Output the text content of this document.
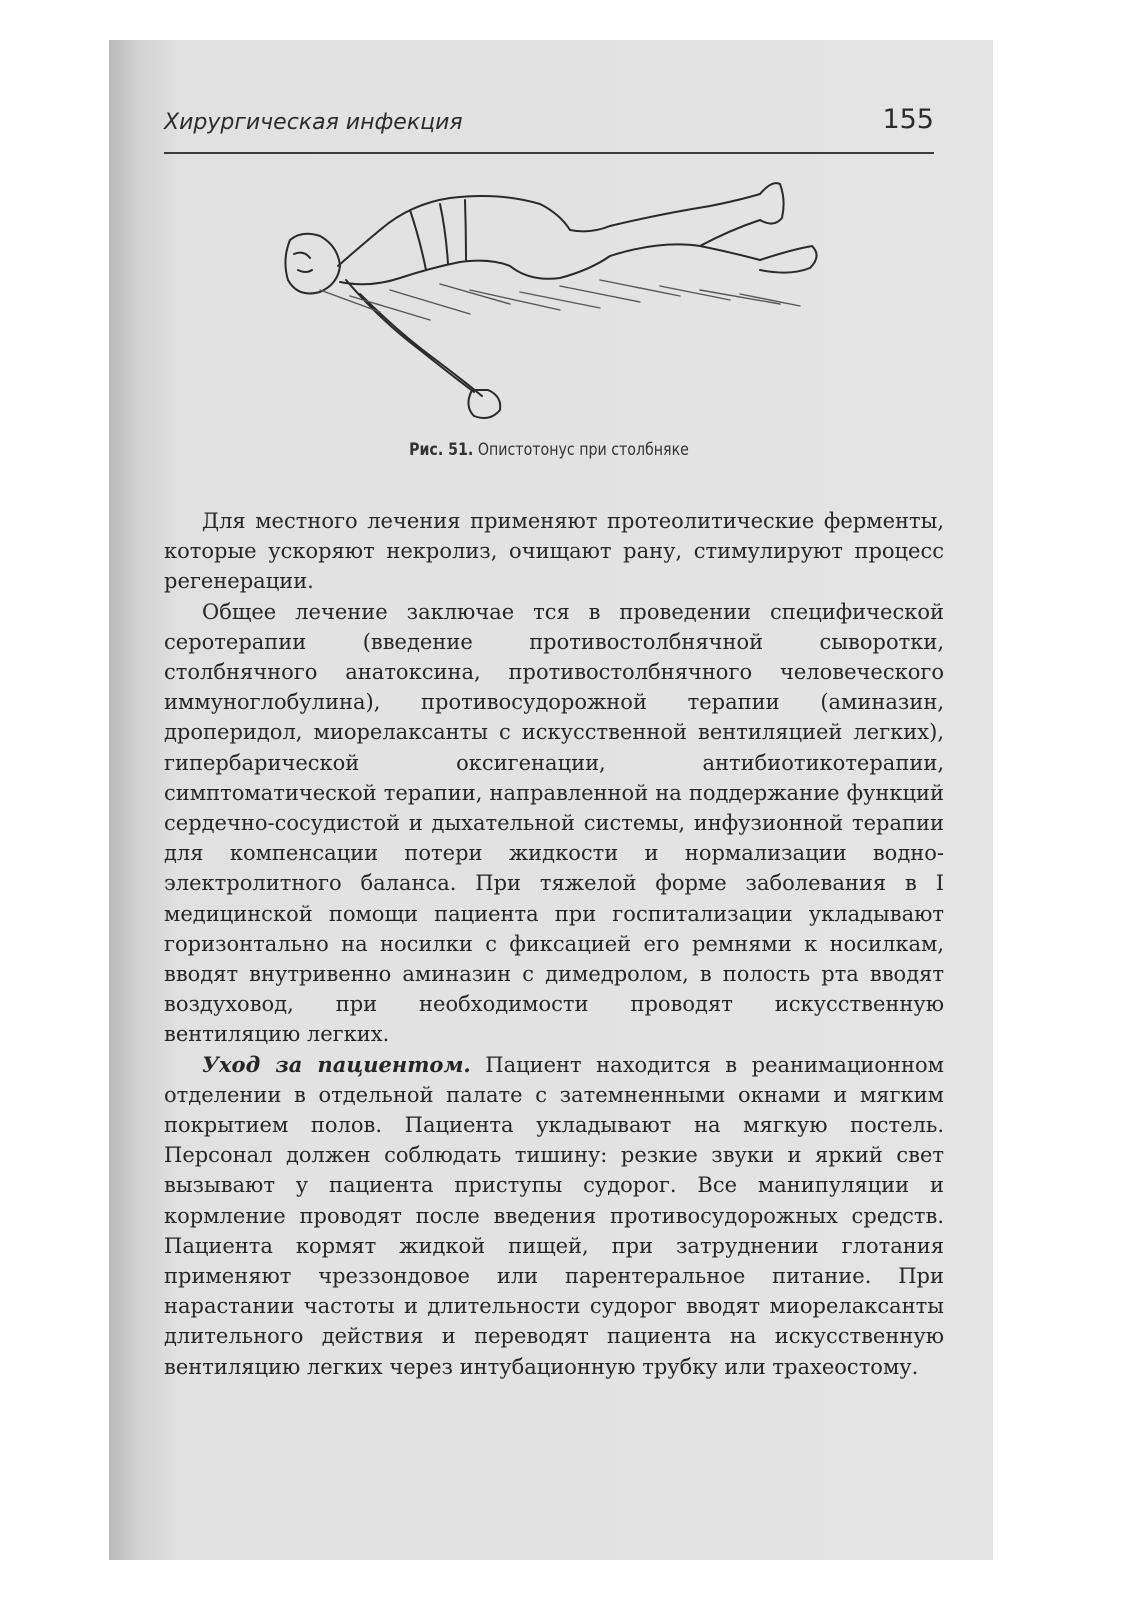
Хирургическая инфекция	155
Рис. 51. Опистотонус при столбняке

Для местного лечения применяют протеолитические ферменты, которые ускоряют некролиз, очищают рану, стимулируют процесс регенерации.

Общее лечение заключае тся в проведении специфической серотерапии (введение противостолбнячной сыворотки, столбнячного анатоксина, противостолбнячного человеческого иммуноглобулина), противосудорожной терапии (аминазин, дроперидол, миорелаксанты с искусственной вентиляцией легких), гипербарической оксигенации, антибиотикотерапии, симптоматической терапии, направленной на поддержание функций сердечно-сосудистой и дыхательной системы, инфузионной терапии для компенсации потери жидкости и нормализации водно-электролитного баланса. При тяжелой форме заболевания в I медицинской помощи пациента при госпитализации укладывают горизонтально на носилки с фиксацией его ремнями к носилкам, вводят внутривенно аминазин с димедролом, в полость рта вводят воздуховод, при необходимости проводят искусственную вентиляцию легких.

Уход за пациентом. Пациент находится в реанимационном отделении в отдельной палате с затемненными окнами и мягким покрытием полов. Пациента укладывают на мягкую постель. Персонал должен соблюдать тишину: резкие звуки и яркий свет вызывают у пациента приступы судорог. Все манипуляции и кормление проводят после введения противосудорожных средств. Пациента кормят жидкой пищей, при затруднении глотания применяют чреззондовое или парентеральное питание. При нарастании частоты и длительности судорог вводят миорелаксанты длительного действия и переводят пациента на искусственную вентиляцию легких через интубационную трубку или трахеостому.
